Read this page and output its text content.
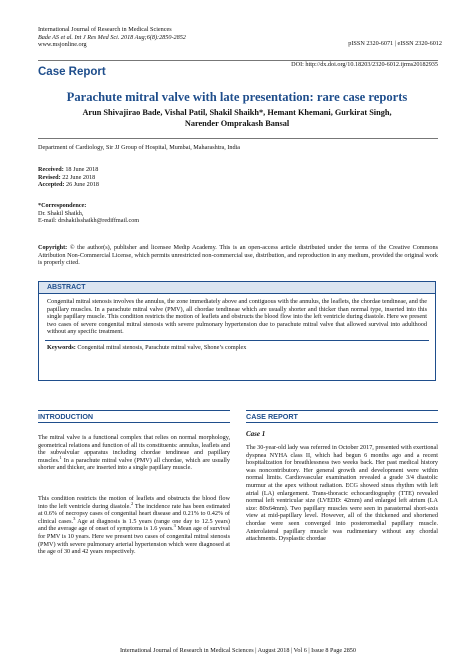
International Journal of Research in Medical Sciences
Bade AS et al. Int J Res Med Sci. 2018 Aug;6(8):2850-2852
www.msjonline.org	pISSN 2320-6071 | eISSN 2320-6012
Case Report
DOI: http://dx.doi.org/10.18203/2320-6012.ijrms20182935
Parachute mitral valve with late presentation: rare case reports
Arun Shivajirao Bade, Vishal Patil, Shakil Shaikh*, Hemant Khemani, Gurkirat Singh,
Narender Omprakash Bansal
Department of Cardiology, Sir JJ Group of Hospital, Mumbai, Maharashtra, India
Received: 18 June 2018
Revised: 22 June 2018
Accepted: 26 June 2018
*Correspondence:
Dr. Shakil Shaikh,
E-mail: drshakilsshaikh@rediffmail.com
Copyright: © the author(s), publisher and licensee Medip Academy. This is an open-access article distributed under the terms of the Creative Commons Attribution Non-Commercial License, which permits unrestricted non-commercial use, distribution, and reproduction in any medium, provided the original work is properly cited.
ABSTRACT
Congenital mitral stenosis involves the annulus, the zone immediately above and contiguous with the annulus, the leaflets, the chordae tendineae, and the papillary muscles. In a parachute mitral valve (PMV), all chordae tendineae which are usually shorter and thicker than normal type, inserted into this single papillary muscle. This condition restricts the motion of leaflets and obstructs the blood flow into the left ventricle during diastole. Here we present two cases of severe congenital mitral stenosis with severe pulmonary hypertension due to parachute mitral valve that allowed survival into adulthood without any specific treatment.
Keywords: Congenital mitral stenosis, Parachute mitral valve, Shone’s complex
INTRODUCTION
The mitral valve is a functional complex that relies on normal morphology, geometrical relations and function of all its constituents: annulus, leaflets and the subvalvular apparatus including chordae tendineae and papillary muscles.$^1$ In a parachute mitral valve (PMV) all chordae, which are usually shorter and thicker, are inserted into a single papillary muscle.
This condition restricts the motion of leaflets and obstructs the blood flow into the left ventricle during diastole.$^2$ The incidence rate has been estimated at 0.6% of necropsy cases of congenital heart disease and 0.21% to 0.42% of clinical cases.$^3$ Age at diagnosis is 1.5 years (range one day to 12.5 years) and the average age of onset of symptoms is 1.6 years.$^3$ Mean age of survival for PMV is 10 years. Here we present two cases of congenital mitral stenosis (PMV) with severe pulmonary arterial hypertension which were diagnosed at the age of 30 and 42 years respectively.
CASE REPORT
Case 1
The 30-year-old lady was referred in October 2017, presented with exertional dyspnea NYHA class II, which had begun 6 months ago and a recent hospitalization for breathlessness two weeks back. Her past medical history was noncontributory. Her general growth and development were within normal limits. Cardiovascular examination revealed a grade 3/4 diastolic murmur at the apex without radiation. ECG showed sinus rhythm with left atrial (LA) enlargement. Trans-thoracic echocardiography (TTE) revealed normal left ventricular size (LVEDD: 42mm) and enlarged left atrium (LA size: 80x64mm). Two papillary muscles were seen in parasternal short-axis view at mid-papillary level. However, all of the thickened and shortened chordae were seen converged into posteromedial papillary muscle. Anterolateral papillary muscle was rudimentary without any chordal attachments. Dysplastic chordae
International Journal of Research in Medical Sciences | August 2018 | Vol 6 | Issue 8 Page 2850
